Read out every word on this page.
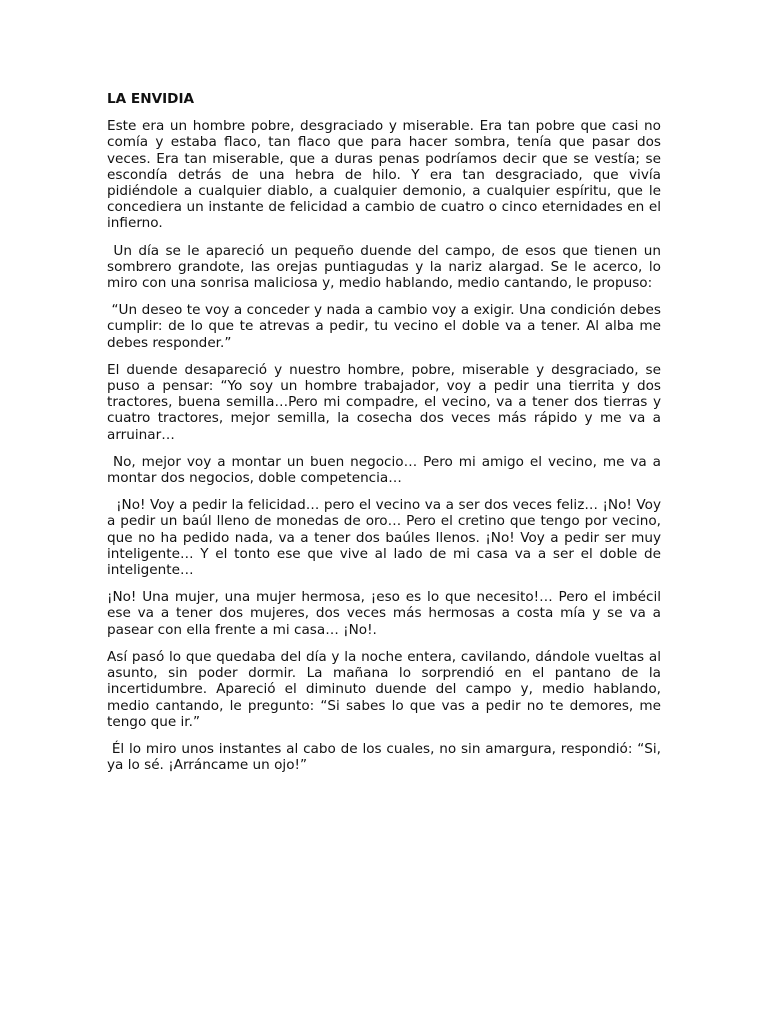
LA ENVIDIA

Este era un hombre pobre, desgraciado y miserable. Era tan pobre que casi no comía y estaba flaco, tan flaco que para hacer sombra, tenía que pasar dos veces. Era tan miserable, que a duras penas podríamos decir que se vestía; se escondía detrás de una hebra de hilo. Y era tan desgraciado, que vivía pidiéndole a cualquier diablo, a cualquier demonio, a cualquier espíritu, que le concediera un instante de felicidad a cambio de cuatro o cinco eternidades en el infierno.

Un día se le apareció un pequeño duende del campo, de esos que tienen un sombrero grandote, las orejas puntiagudas y la nariz alargad. Se le acerco, lo miro con una sonrisa maliciosa y, medio hablando, medio cantando, le propuso:

“Un deseo te voy a conceder y nada a cambio voy a exigir. Una condición debes cumplir: de lo que te atrevas a pedir, tu vecino el doble va a tener. Al alba me debes responder.”

El duende desapareció y nuestro hombre, pobre, miserable y desgraciado, se puso a pensar: “Yo soy un hombre trabajador, voy a pedir una tierrita y dos tractores, buena semilla…Pero mi compadre, el vecino, va a tener dos tierras y cuatro tractores, mejor semilla, la cosecha dos veces más rápido y me va a arruinar…

No, mejor voy a montar un buen negocio… Pero mi amigo el vecino, me va a montar dos negocios, doble competencia…

¡No! Voy a pedir la felicidad… pero el vecino va a ser dos veces feliz… ¡No! Voy a pedir un baúl lleno de monedas de oro… Pero el cretino que tengo por vecino, que no ha pedido nada, va a tener dos baúles llenos. ¡No! Voy a pedir ser muy inteligente… Y el tonto ese que vive al lado de mi casa va a ser el doble de inteligente…

¡No! Una mujer, una mujer hermosa, ¡eso es lo que necesito!… Pero el imbécil ese va a tener dos mujeres, dos veces más hermosas a costa mía y se va a pasear con ella frente a mi casa… ¡No!.

Así pasó lo que quedaba del día y la noche entera, cavilando, dándole vueltas al asunto, sin poder dormir. La mañana lo sorprendió en el pantano de la incertidumbre. Apareció el diminuto duende del campo y, medio hablando, medio cantando, le pregunto: “Si sabes lo que vas a pedir no te demores, me tengo que ir.”

Él lo miro unos instantes al cabo de los cuales, no sin amargura, respondió: “Si, ya lo sé. ¡Arráncame un ojo!”
